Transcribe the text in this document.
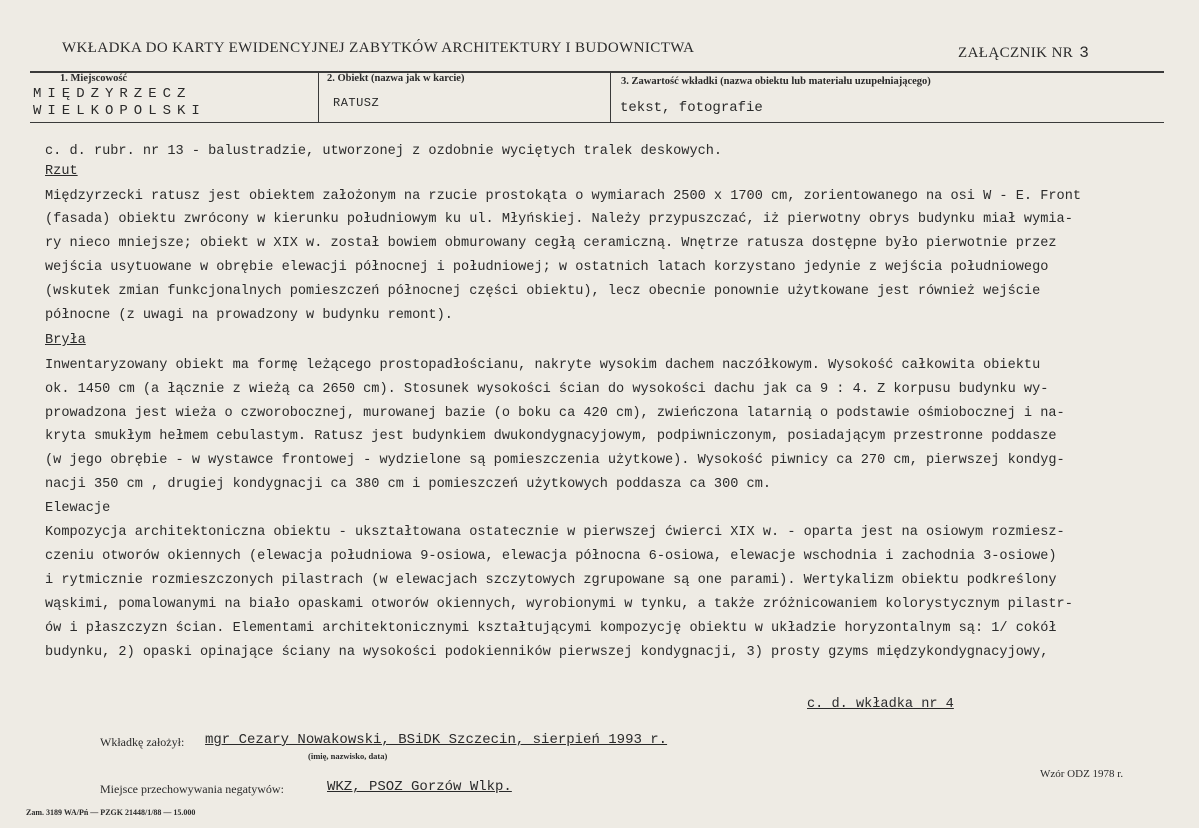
WKŁADKA DO KARTY EWIDENCYJNEJ ZABYTKÓW ARCHITEKTURY I BUDOWNICTWA	ZAŁĄCZNIK NR 3
1. Miejscowość
MIĘDZYRZECZ
WIELKOPOLSKI
2. Obiekt (nazwa jak w karcie)
RATUSZ
3. Zawartość wkładki (nazwa obiektu lub materiału uzupełniającego)
tekst, fotografie
c. d. rubr. nr 13 - balustradzie, utworzonej z ozdobnie wyciętych tralek deskowych.
Rzut
Międzyrzecki ratusz jest obiektem założonym na rzucie prostokąta o wymiarach 2500 x 1700 cm, zorientowanego na osi W - E. Front
(fasada) obiektu zwrócony w kierunku południowym ku ul. Młyńskiej. Należy przypuszczać, iż pierwotny obrys budynku miał wymia-
ry nieco mniejsze; obiekt w XIX w. został bowiem obmurowany cegłą ceramiczną. Wnętrze ratusza dostępne było pierwotnie przez
wejścia usytuowane w obrębie elewacji północnej i południowej; w ostatnich latach korzystano jedynie z wejścia południowego
(wskutek zmian funkcjonalnych pomieszczeń północnej części obiektu), lecz obecnie ponownie użytkowane jest również wejście
północne (z uwagi na prowadzony w budynku remont).
Bryła
Inwentaryzowany obiekt ma formę leżącego prostopadłościanu, nakryte wysokim dachem naczółkowym. Wysokość całkowita obiektu
ok. 1450 cm (a łącznie z wieżą ca 2650 cm). Stosunek wysokości ścian do wysokości dachu jak ca 9 : 4. Z korpusu budynku wy-
prowadzona jest wieża o czworobocznej, murowanej bazie (o boku ca 420 cm), zwieńczona latarnią o podstawie ośmiobocznej i na-
kryta smukłym hełmem cebulastym. Ratusz jest budynkiem dwukondygnacyjowym, podpiwniczonym, posiadającym przestronne poddasze
(w jego obrębie - w wystawce frontowej - wydzielone są pomieszczenia użytkowe). Wysokość piwnicy ca 270 cm, pierwszej kondyg-
nacji 350 cm , drugiej kondygnacji ca 380 cm i pomieszczeń użytkowych poddasza ca 300 cm.
Elewacje
Kompozycja architektoniczna obiektu - ukształtowana ostatecznie w pierwszej ćwierci XIX w. - oparta jest na osiowym rozmiesz-
czeniu otworów okiennych (elewacja południowa 9-osiowa, elewacja północna 6-osiowa, elewacje wschodnia i zachodnia 3-osiowe)
i rytmicznie rozmieszczonych pilastrach (w elewacjach szczytowych zgrupowane są one parami). Wertykalizm obiektu podkreślony
wąskimi, pomalowanymi na biało opaskami otworów okiennych, wyrobionymi w tynku, a także zróżnicowaniem kolorystycznym pilastr-
ów i płaszczyzn ścian. Elementami architektonicznymi kształtującymi kompozycję obiektu w układzie horyzontalnym są: 1/ cokół
budynku, 2) opaski opinające ściany na wysokości podokienników pierwszej kondygnacji, 3) prosty gzyms międzykondygnacyjowy,
c. d. wkładka nr 4
Wkładkę założył: mgr Cezary Nowakowski, BSiDK Szczecin, sierpień 1993 r.
(imię, nazwisko, data)
Wzór ODZ 1978 r.
Miejsce przechowywania negatywów:	WKZ, PSOZ Gorzów Wlkp.
Zam. 3189 WA/Pń — PZGK 21448/1/88 — 15.000
